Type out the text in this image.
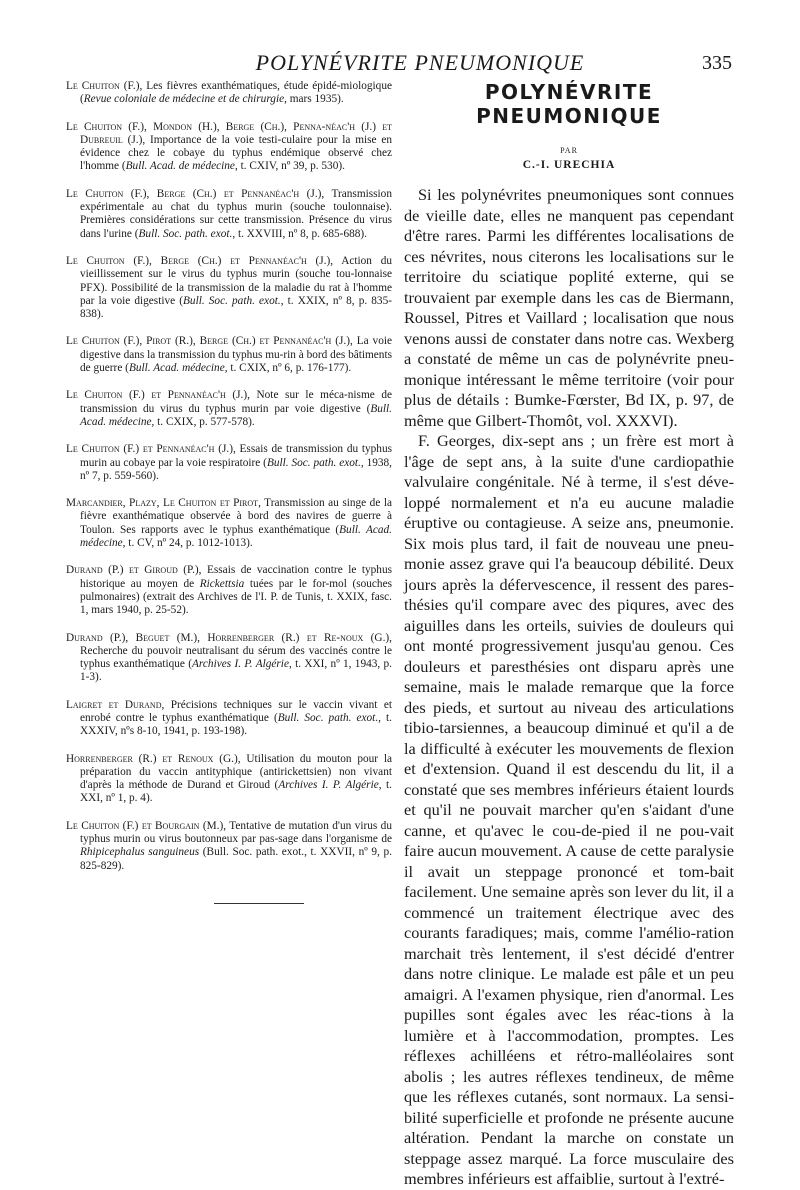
POLYNÉVRITE PNEUMONIQUE	335

Le Chuiton (F.), Les fièvres exanthématiques, étude épidé-miologique (Revue coloniale de médecine et de chirurgie, mars 1935).

Le Chuiton (F.), Mondon (H.), Berge (Ch.), Penna-néac'h (J.) et Dubreuil (J.), Importance de la voie testi-culaire pour la mise en évidence chez le cobaye du typhus endémique observé chez l'homme (Bull. Acad. de médecine, t. CXIV, nº 39, p. 530).

Le Chuiton (F.), Berge (Ch.) et Pennanéac'h (J.), Transmission expérimentale au chat du typhus murin (souche toulonnaise). Premières considérations sur cette transmission. Présence du virus dans l'urine (Bull. Soc. path. exot., t. XXVIII, nº 8, p. 685-688).

Le Chuiton (F.), Berge (Ch.) et Pennanéac'h (J.), Action du vieillissement sur le virus du typhus murin (souche tou-lonnaise PFX). Possibilité de la transmission de la maladie du rat à l'homme par la voie digestive (Bull. Soc. path. exot., t. XXIX, nº 8, p. 835-838).

Le Chuiton (F.), Pirot (R.), Berge (Ch.) et Pennanéac'h (J.), La voie digestive dans la transmission du typhus mu-rin à bord des bâtiments de guerre (Bull. Acad. médecine, t. CXIX, nº 6, p. 176-177).

Le Chuiton (F.) et Pennanéac'h (J.), Note sur le méca-nisme de transmission du virus du typhus murin par voie digestive (Bull. Acad. médecine, t. CXIX, p. 577-578).

Le Chuiton (F.) et Pennanéac'h (J.), Essais de transmission du typhus murin au cobaye par la voie respiratoire (Bull. Soc. path. exot., 1938, nº 7, p. 559-560).

Marcandier, Plazy, Le Chuiton et Pirot, Transmission au singe de la fièvre exanthématique observée à bord des navires de guerre à Toulon. Ses rapports avec le typhus exanthématique (Bull. Acad. médecine, t. CV, nº 24, p. 1012-1013).

Durand (P.) et Giroud (P.), Essais de vaccination contre le typhus historique au moyen de Rickettsia tuées par le for-mol (souches pulmonaires) (extrait des Archives de l'I. P. de Tunis, t. XXIX, fasc. 1, mars 1940, p. 25-52).

Durand (P.), Beguet (M.), Horrenberger (R.) et Re-noux (G.), Recherche du pouvoir neutralisant du sérum des vaccinés contre le typhus exanthématique (Archives I. P. Algérie, t. XXI, nº 1, 1943, p. 1-3).

Laigret et Durand, Précisions techniques sur le vaccin vivant et enrobé contre le typhus exanthématique (Bull. Soc. path. exot., t. XXXIV, nºs 8-10, 1941, p. 193-198).

Horrenberger (R.) et Renoux (G.), Utilisation du mouton pour la préparation du vaccin antityphique (antirickettsien) non vivant d'après la méthode de Durand et Giroud (Archives I. P. Algérie, t. XXI, nº 1, p. 4).

Le Chuiton (F.) et Bourgain (M.), Tentative de mutation d'un virus du typhus murin ou virus boutonneux par pas-sage dans l'organisme de Rhipicephalus sanguineus (Bull. Soc. path. exot., t. XXVII, nº 9, p. 825-829).

POLYNÉVRITE
PNEUMONIQUE
PAR
C.-I. URECHIA

Si les polynévrites pneumoniques sont connues de vieille date, elles ne manquent pas cependant d'être rares. Parmi les différentes localisations de ces névrites, nous citerons les localisations sur le territoire du sciatique poplité externe, qui se trouvaient par exemple dans les cas de Biermann, Roussel, Pitres et Vaillard ; localisation que nous venons aussi de constater dans notre cas. Wexberg a constaté de même un cas de polynévrite pneu-monique intéressant le même territoire (voir pour plus de détails : Bumke-Fœrster, Bd IX, p. 97, de même que Gilbert-Thomôt, vol. XXXVI).

F. Georges, dix-sept ans ; un frère est mort à l'âge de sept ans, à la suite d'une cardiopathie valvulaire congénitale. Né à terme, il s'est déve-loppé normalement et n'a eu aucune maladie éruptive ou contagieuse. A seize ans, pneumonie. Six mois plus tard, il fait de nouveau une pneu-monie assez grave qui l'a beaucoup débilité. Deux jours après la défervescence, il ressent des pares-thésies qu'il compare avec des piqures, avec des aiguilles dans les orteils, suivies de douleurs qui ont monté progressivement jusqu'au genou. Ces douleurs et paresthésies ont disparu après une semaine, mais le malade remarque que la force des pieds, et surtout au niveau des articulations tibio-tarsiennes, a beaucoup diminué et qu'il a de la difficulté à exécuter les mouvements de flexion et d'extension. Quand il est descendu du lit, il a constaté que ses membres inférieurs étaient lourds et qu'il ne pouvait marcher qu'en s'aidant d'une canne, et qu'avec le cou-de-pied il ne pou-vait faire aucun mouvement. A cause de cette paralysie il avait un steppage prononcé et tom-bait facilement. Une semaine après son lever du lit, il a commencé un traitement électrique avec des courants faradiques; mais, comme l'amélio-ration marchait très lentement, il s'est décidé d'entrer dans notre clinique. Le malade est pâle et un peu amaigri. A l'examen physique, rien d'anormal. Les pupilles sont égales avec les réac-tions à la lumière et à l'accommodation, promptes. Les réflexes achilléens et rétro-malléolaires sont abolis ; les autres réflexes tendineux, de même que les réflexes cutanés, sont normaux. La sensi-bilité superficielle et profonde ne présente aucune altération. Pendant la marche on constate un steppage assez marqué. La force musculaire des membres inférieurs est affaiblie, surtout à l'extré-
